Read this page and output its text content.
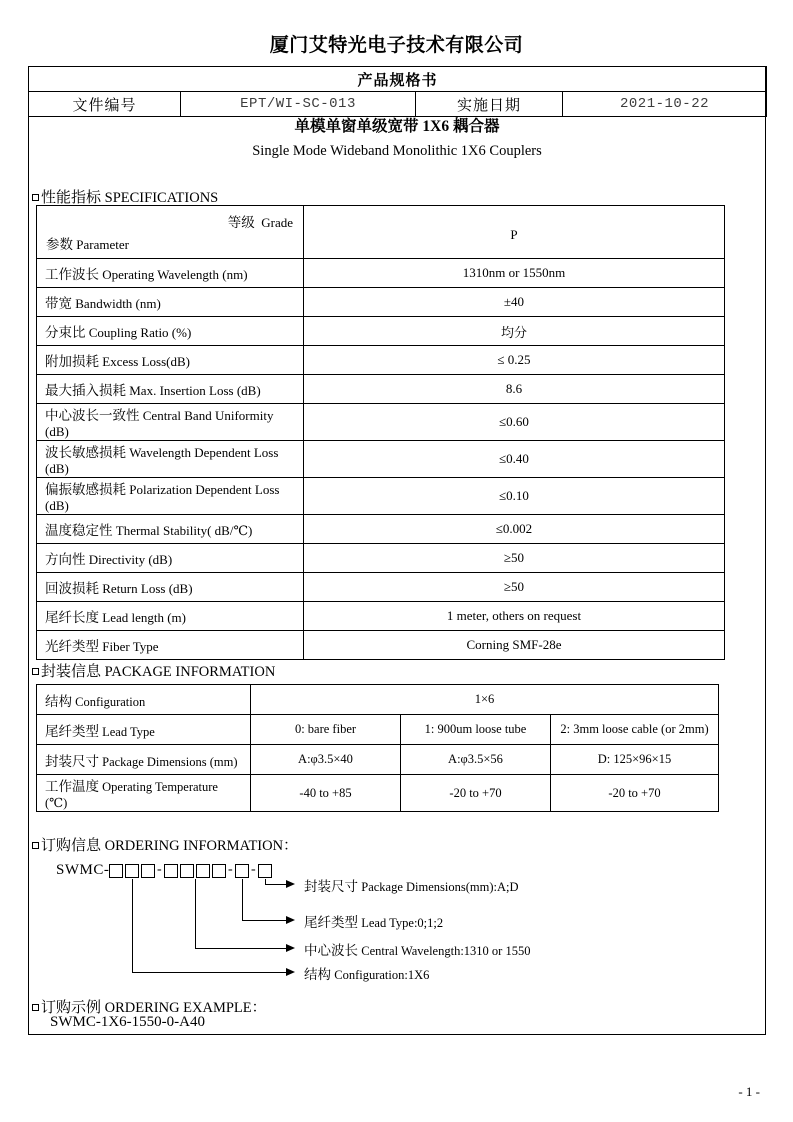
厦门艾特光电子技术有限公司
产品规格书
文件编号	EPT/WI-SC-013	实施日期	2021-10-22
单模单窗单级宽带 1X6 耦合器
Single Mode Wideband Monolithic 1X6 Couplers
性能指标 SPECIFICATIONS
等级 Grade
参数 Parameter	P

工作波长 Operating Wavelength (nm)	1310nm or 1550nm
带宽 Bandwidth (nm)	±40
分束比 Coupling Ratio (%)	均分
附加损耗 Excess Loss(dB)	≤ 0.25
最大插入损耗 Max. Insertion Loss (dB)	8.6
中心波长一致性 Central Band Uniformity (dB)	≤0.60
波长敏感损耗 Wavelength Dependent Loss (dB)	≤0.40
偏振敏感损耗 Polarization Dependent Loss (dB)	≤0.10
温度稳定性 Thermal Stability( dB/℃)	≤0.002
方向性 Directivity (dB)	≥50
回波损耗 Return Loss (dB)	≥50
尾纤长度 Lead length (m)	1 meter, others on request
光纤类型 Fiber Type	Corning SMF-28e
封装信息 PACKAGE INFORMATION
结构 Configuration	1×6		
尾纤类型 Lead Type	0: bare fiber	1: 900um loose tube	2: 3mm loose cable (or 2mm)
封装尺寸 Package Dimensions (mm)	A:φ3.5×40	A:φ3.5×56	D: 125×96×15
工作温度 Operating Temperature (℃)	-40 to +85	-20 to +70	-20 to +70
订购信息 ORDERING INFORMATION：
SWMC-	-	- -
封装尺寸 Package Dimensions(mm):A;D
尾纤类型 Lead Type:0;1;2
中心波长 Central Wavelength:1310 or 1550
结构 Configuration:1X6
订购示例 ORDERING EXAMPLE：
SWMC-1X6-1550-0-A40
- 1 -
